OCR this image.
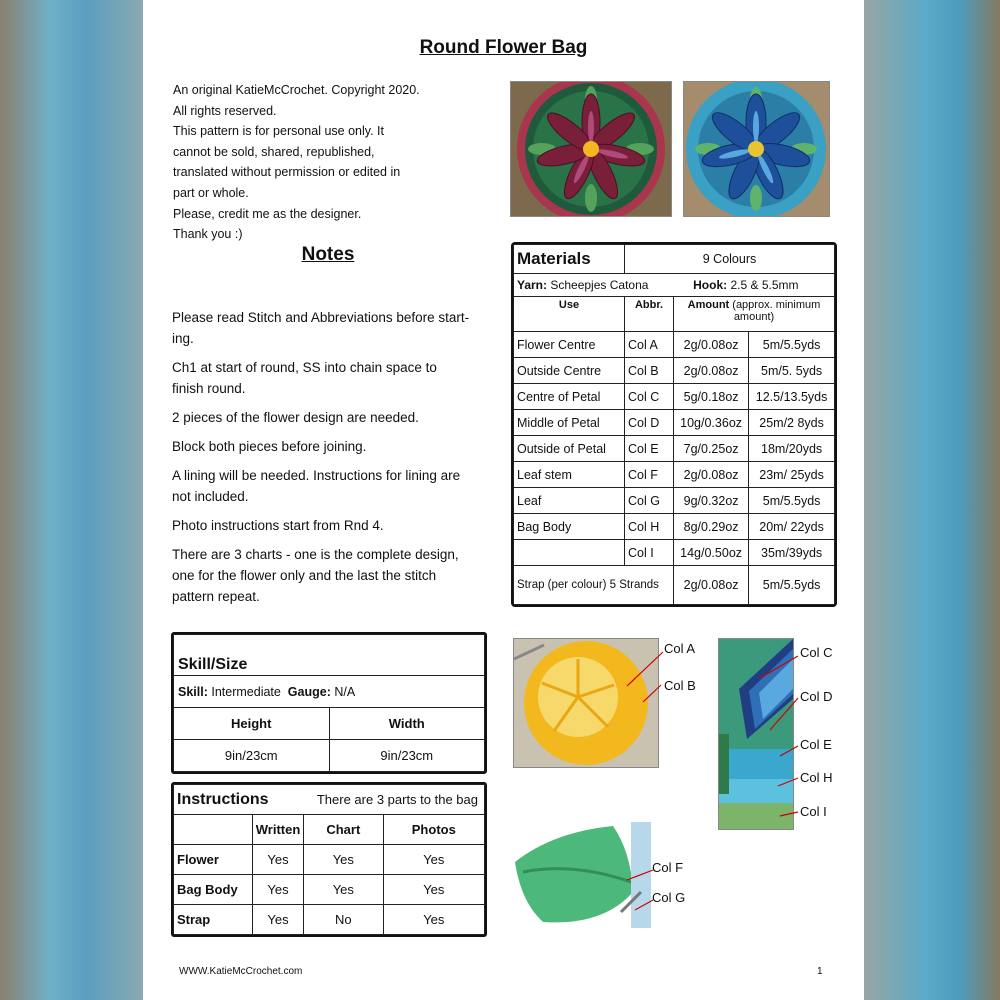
Round Flower Bag
An original KatieMcCrochet. Copyright 2020.
All rights reserved.
This pattern is for personal use only. It
cannot be sold, shared, republished,
translated without permission or edited in
part or whole.
Please, credit me as the designer.
Thank you :)
Notes

Please read Stitch and Abbreviations before start- ing.

Ch1 at start of round, SS into chain space to finish round.

2 pieces of the flower design are needed.

Block both pieces before joining.

A lining will be needed. Instructions for lining are not included.

Photo instructions start from Rnd 4.

There are 3 charts - one is the complete design, one for the flower only and the last the stitch pattern repeat.

Materials	9 Colours		
Yarn: Scheepjes Catona Hook: 2.5 & 5.5mm			
Use	Abbr.	Amount (approx. minimum amount)	
Flower Centre	Col A	2g/0.08oz	5m/5.5yds
Outside Centre	Col B	2g/0.08oz	5m/5. 5yds
Centre of Petal	Col C	5g/0.18oz	12.5/13.5yds
Middle of Petal	Col D	10g/0.36oz	25m/2 8yds
Outside of Petal	Col E	7g/0.25oz	18m/20yds
Leaf stem	Col F	2g/0.08oz	23m/ 25yds
Leaf	Col G	9g/0.32oz	5m/5.5yds
Bag Body	Col H	8g/0.29oz	20m/ 22yds
	Col I	14g/0.50oz	35m/39yds
Strap (per colour) 5 Strands		2g/0.08oz	5m/5.5yds
Skill/Size	
Skill: Intermediate Gauge: N/A	
Height	Width
9in/23cm	9in/23cm
Instructions		There are 3 parts to the bag	
	Written	Chart	Photos
Flower	Yes	Yes	Yes
Bag Body	Yes	Yes	Yes
Strap	Yes	No	Yes
Col A
Col B
Col C
Col D
Col E
Col H
Col I
Col F
Col G
WWW.KatieMcCrochet.com	1
